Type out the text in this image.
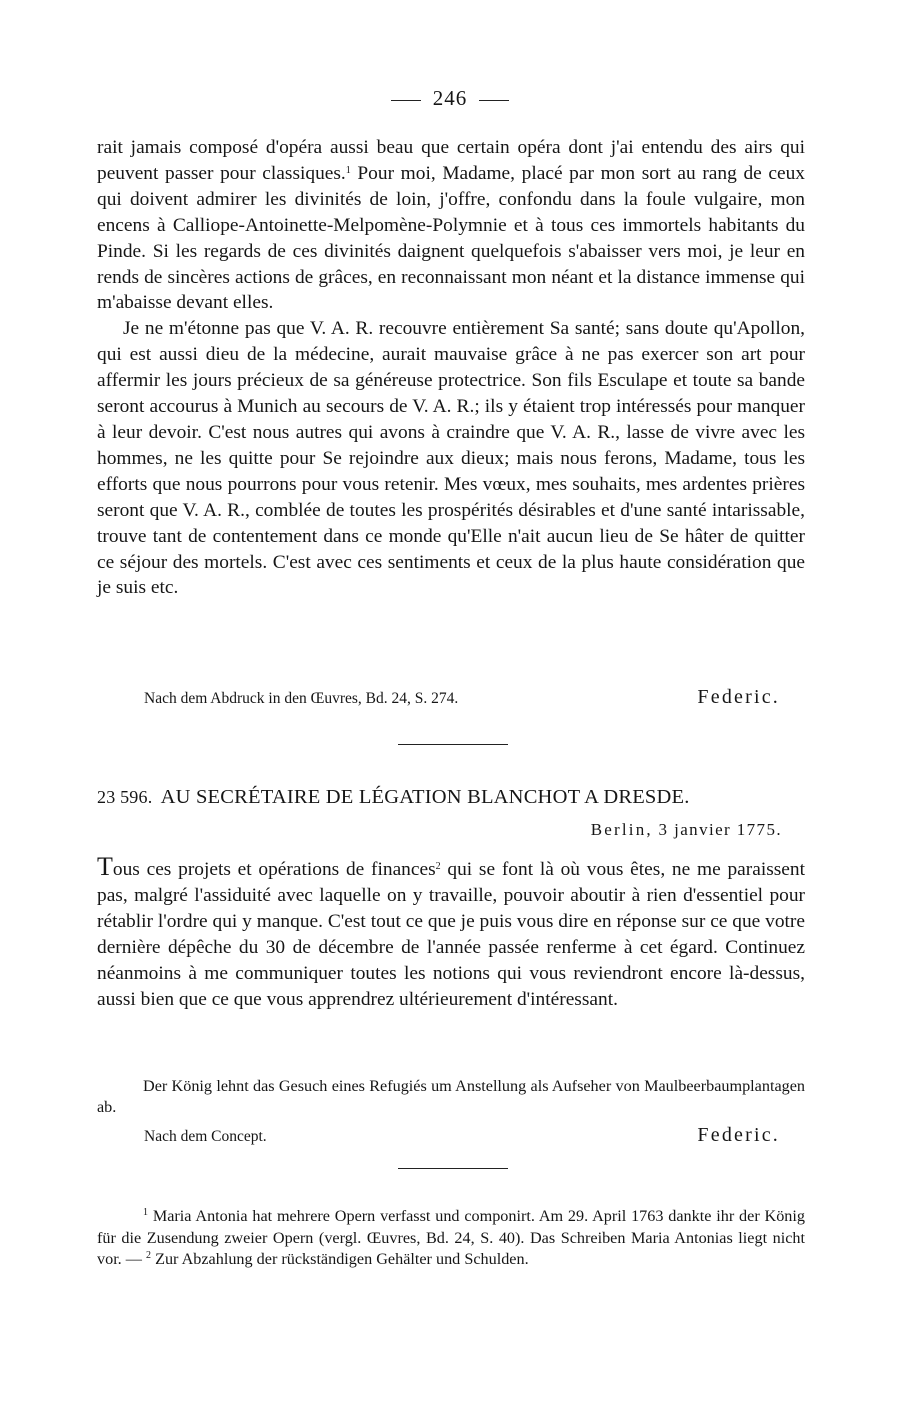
246

rait jamais composé d'opéra aussi beau que certain opéra dont j'ai entendu des airs qui peuvent passer pour classiques.$^1$ Pour moi, Madame, placé par mon sort au rang de ceux qui doivent admirer les divinités de loin, j'offre, confondu dans la foule vulgaire, mon encens à Calliope-Antoinette-Melpomène-Polymnie et à tous ces immortels habitants du Pinde. Si les regards de ces divinités daignent quelquefois s'abaisser vers moi, je leur en rends de sincères actions de grâces, en reconnaissant mon néant et la distance immense qui m'abaisse devant elles.

Je ne m'étonne pas que V. A. R. recouvre entièrement Sa santé; sans doute qu'Apollon, qui est aussi dieu de la médecine, aurait mauvaise grâce à ne pas exercer son art pour affermir les jours précieux de sa généreuse protectrice. Son fils Esculape et toute sa bande seront accourus à Munich au secours de V. A. R.; ils y étaient trop intéressés pour manquer à leur devoir. C'est nous autres qui avons à craindre que V. A. R., lasse de vivre avec les hommes, ne les quitte pour Se rejoindre aux dieux; mais nous ferons, Madame, tous les efforts que nous pourrons pour vous retenir. Mes vœux, mes souhaits, mes ardentes prières seront que V. A. R., comblée de toutes les prospérités désirables et d'une santé intarissable, trouve tant de contentement dans ce monde qu'Elle n'ait aucun lieu de Se hâter de quitter ce séjour des mortels. C'est avec ces sentiments et ceux de la plus haute considération que je suis etc.

Nach dem Abdruck in den Œuvres, Bd. 24, S. 274.	Federic.
23 596. AU SECRÉTAIRE DE LÉGATION BLANCHOT A DRESDE.
Berlin, 3 janvier 1775.

Tous ces projets et opérations de finances$^2$ qui se font là où vous êtes, ne me paraissent pas, malgré l'assiduité avec laquelle on y travaille, pouvoir aboutir à rien d'essentiel pour rétablir l'ordre qui y manque. C'est tout ce que je puis vous dire en réponse sur ce que votre dernière dépêche du 30 de décembre de l'année passée renferme à cet égard. Continuez néanmoins à me communiquer toutes les notions qui vous reviendront encore là-dessus, aussi bien que ce que vous apprendrez ultérieurement d'intéressant.

Der König lehnt das Gesuch eines Refugiés um Anstellung als Aufseher von Maulbeerbaumplantagen ab.
Nach dem Concept.	Federic.
$^1$ Maria Antonia hat mehrere Opern verfasst und componirt. Am 29. April 1763 dankte ihr der König für die Zusendung zweier Opern (vergl. Œuvres, Bd. 24, S. 40). Das Schreiben Maria Antonias liegt nicht vor. — $^2$ Zur Abzahlung der rückständigen Gehälter und Schulden.
